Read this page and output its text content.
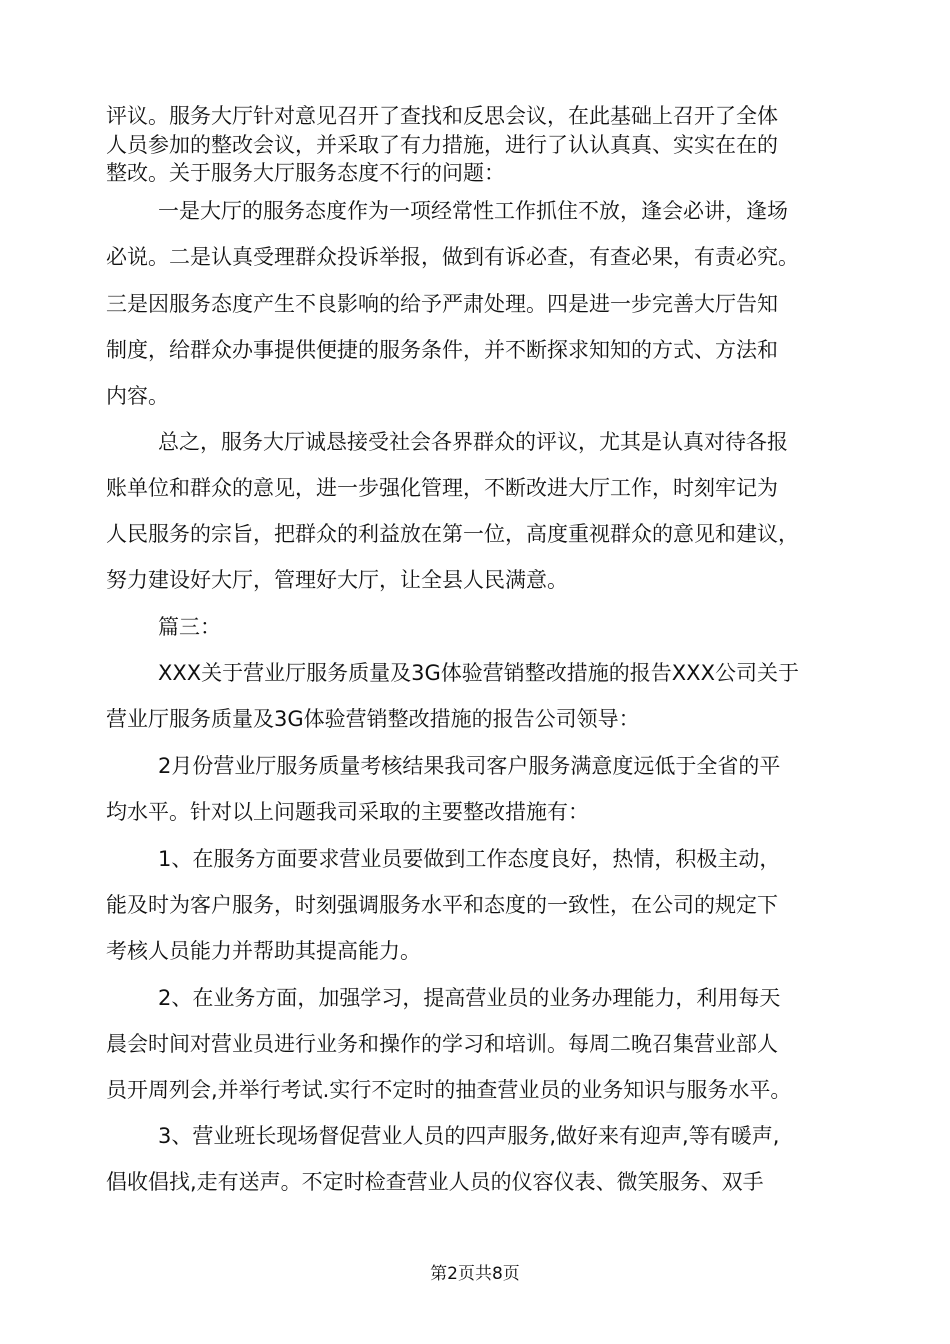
评议。服务大厅针对意见召开了查找和反思会议，在此基础上召开了全体
人员参加的整改会议，并采取了有力措施，进行了认认真真、实实在在的
整改。关于服务大厅服务态度不行的问题：
一是大厅的服务态度作为一项经常性工作抓住不放，逢会必讲，逢场
必说。二是认真受理群众投诉举报，做到有诉必查，有查必果，有责必究。
三是因服务态度产生不良影响的给予严肃处理。四是进一步完善大厅告知
制度，给群众办事提供便捷的服务条件，并不断探求知知的方式、方法和
内容。
总之，服务大厅诚恳接受社会各界群众的评议，尤其是认真对待各报
账单位和群众的意见，进一步强化管理，不断改进大厅工作，时刻牢记为
人民服务的宗旨，把群众的利益放在第一位，高度重视群众的意见和建议，
努力建设好大厅，管理好大厅，让全县人民满意。
篇三：
XXX关于营业厅服务质量及3G体验营销整改措施的报告XXX公司关于
营业厅服务质量及3G体验营销整改措施的报告公司领导：
2月份营业厅服务质量考核结果我司客户服务满意度远低于全省的平
均水平。针对以上问题我司采取的主要整改措施有：
1、在服务方面要求营业员要做到工作态度良好，热情，积极主动，
能及时为客户服务，时刻强调服务水平和态度的一致性，在公司的规定下
考核人员能力并帮助其提高能力。
2、在业务方面，加强学习，提高营业员的业务办理能力，利用每天
晨会时间对营业员进行业务和操作的学习和培训。每周二晚召集营业部人
员开周列会,并举行考试.实行不定时的抽查营业员的业务知识与服务水平。
3、营业班长现场督促营业人员的四声服务,做好来有迎声,等有暖声,
倡收倡找,走有送声。不定时检查营业人员的仪容仪表、微笑服务、双手
第2页共8页
